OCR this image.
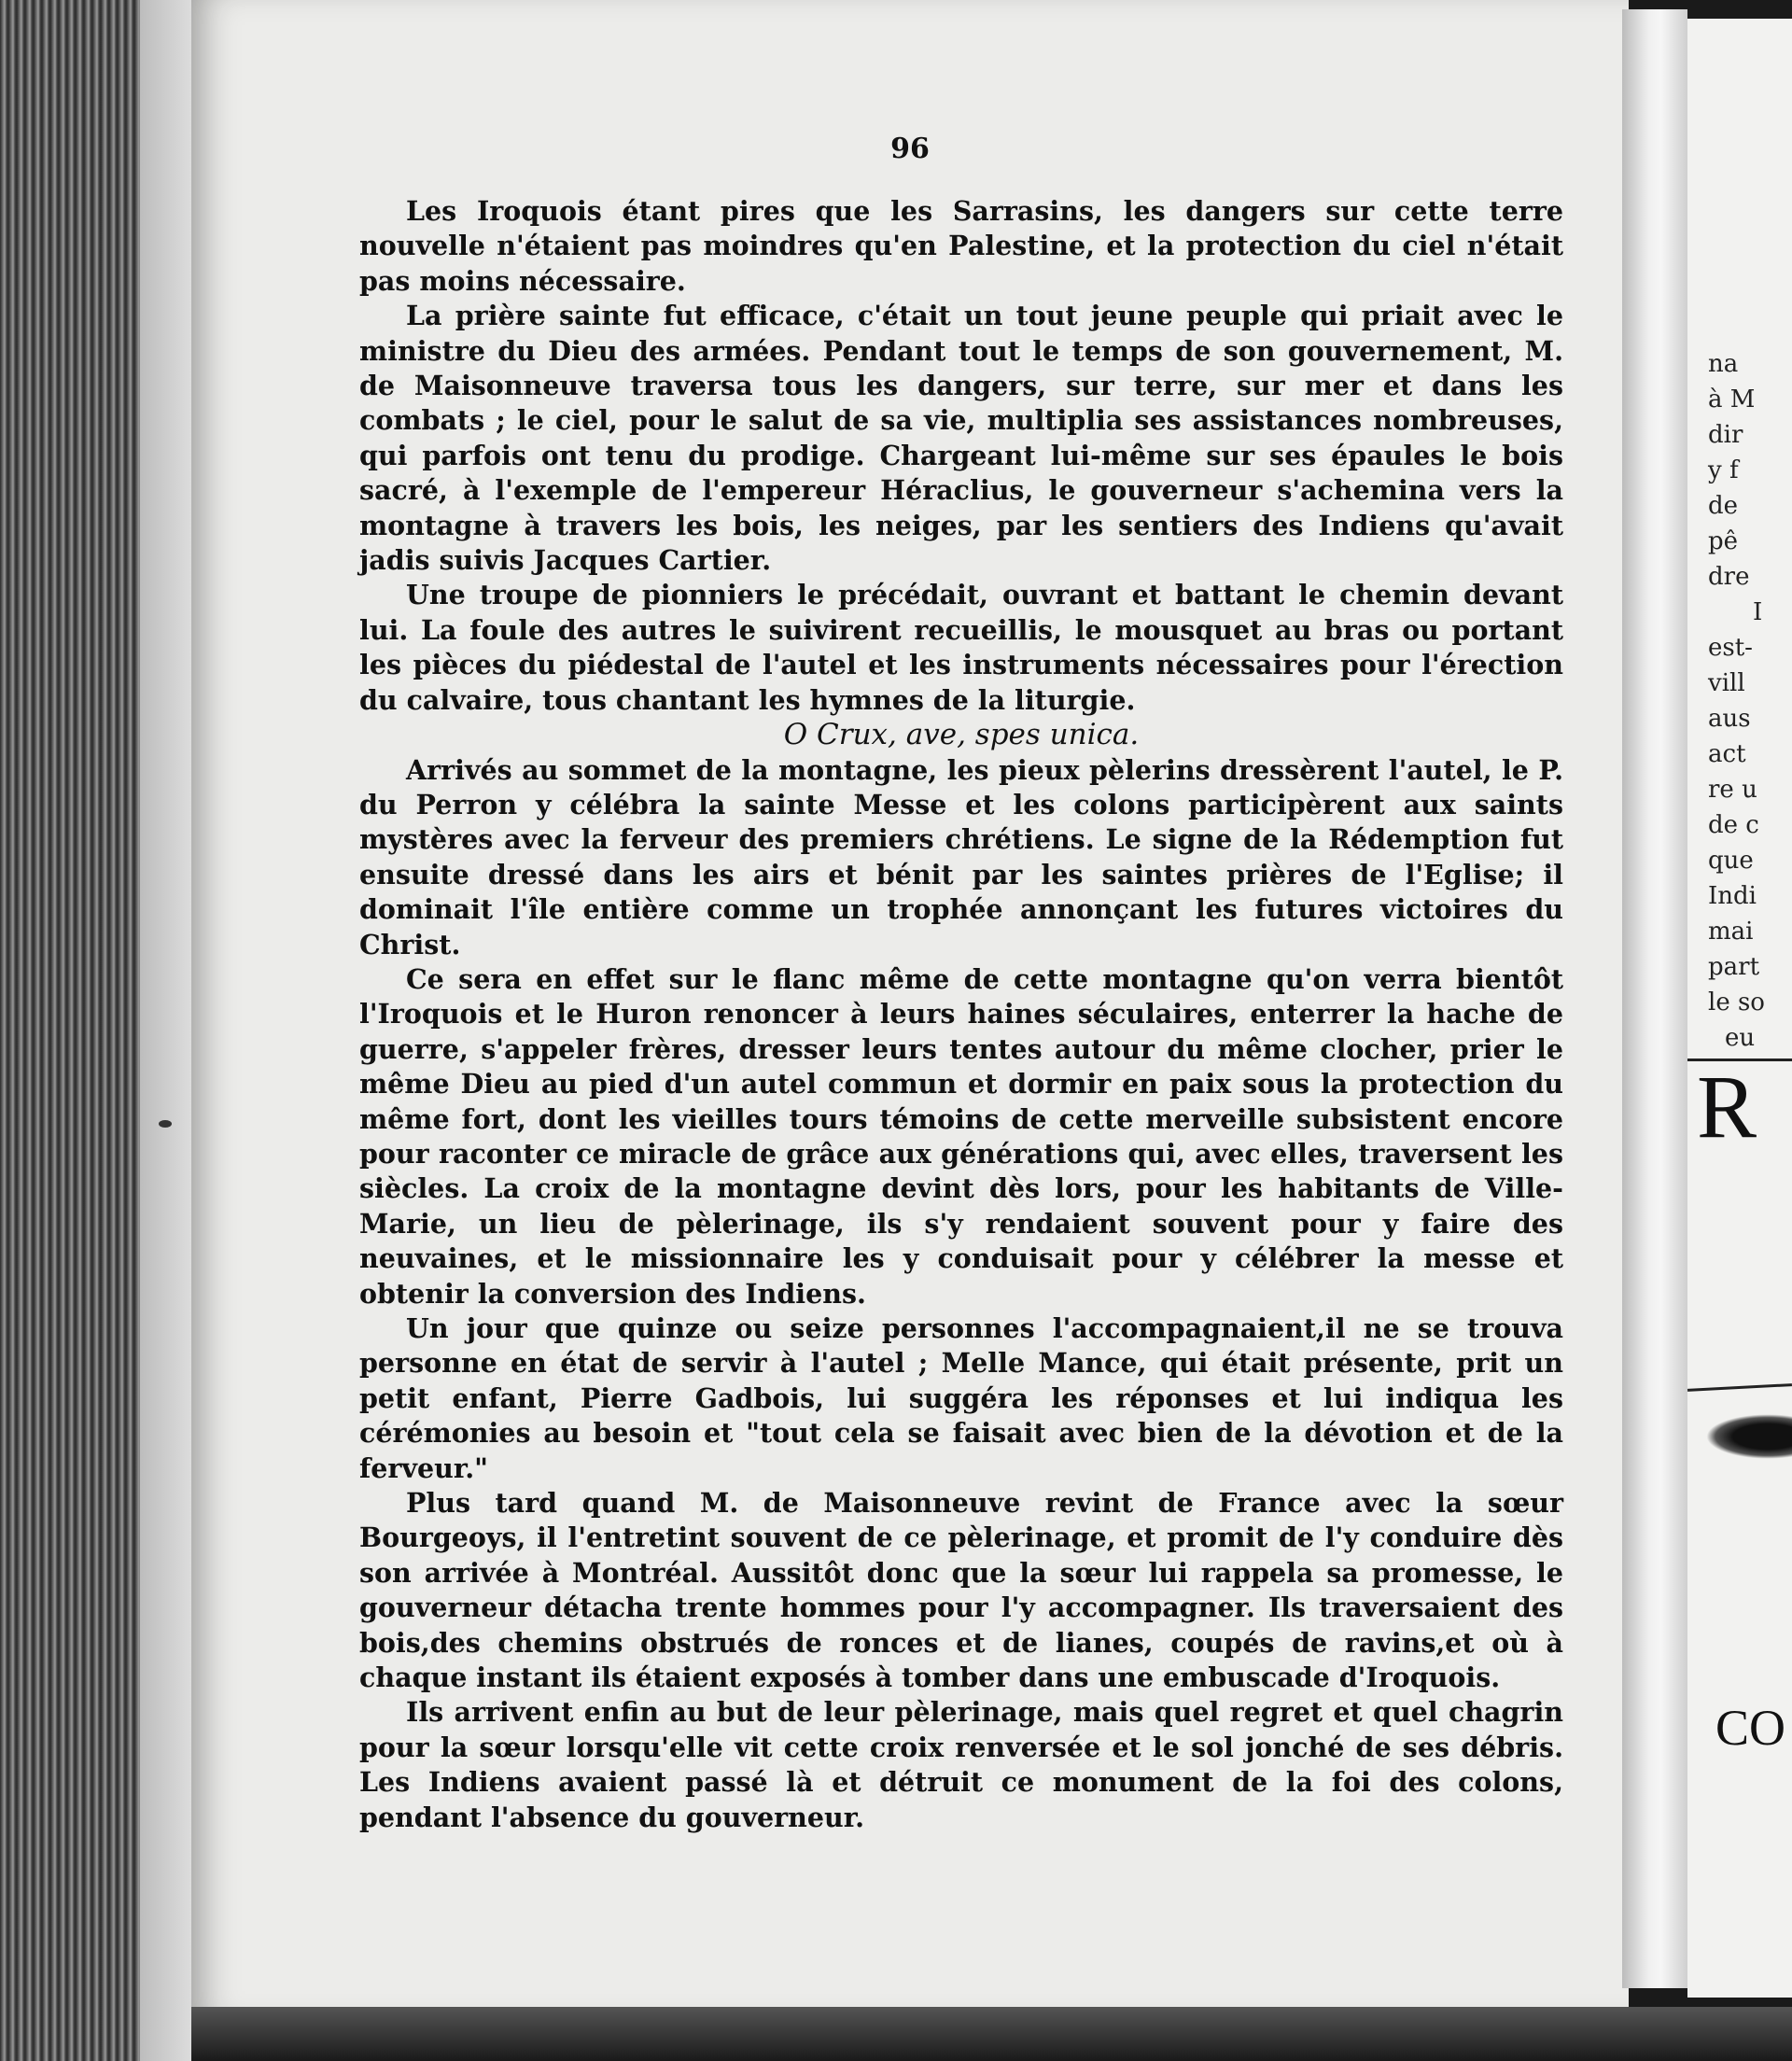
96

Les Iroquois étant pires que les Sarrasins, les dangers sur cette terre nouvelle n'étaient pas moindres qu'en Palestine, et la protection du ciel n'était pas moins nécessaire.

La prière sainte fut efficace, c'était un tout jeune peuple qui priait avec le ministre du Dieu des armées. Pendant tout le temps de son gouvernement, M. de Maisonneuve traversa tous les dangers, sur terre, sur mer et dans les combats ; le ciel, pour le salut de sa vie, multiplia ses assistances nombreuses, qui parfois ont tenu du prodige. Chargeant lui-même sur ses épaules le bois sacré, à l'exemple de l'empereur Héraclius, le gouverneur s'achemina vers la montagne à travers les bois, les neiges, par les sentiers des Indiens qu'avait jadis suivis Jacques Cartier.

Une troupe de pionniers le précédait, ouvrant et battant le chemin devant lui. La foule des autres le suivirent recueillis, le mousquet au bras ou portant les pièces du piédestal de l'autel et les instruments nécessaires pour l'érection du calvaire, tous chantant les hymnes de la liturgie.

O Crux, ave, spes unica.

Arrivés au sommet de la montagne, les pieux pèlerins dressèrent l'autel, le P. du Perron y célébra la sainte Messe et les colons participèrent aux saints mystères avec la ferveur des premiers chrétiens. Le signe de la Rédemption fut ensuite dressé dans les airs et bénit par les saintes prières de l'Eglise; il dominait l'île entière comme un trophée annonçant les futures victoires du Christ.

Ce sera en effet sur le flanc même de cette montagne qu'on verra bientôt l'Iroquois et le Huron renoncer à leurs haines séculaires, enterrer la hache de guerre, s'appeler frères, dresser leurs tentes autour du même clocher, prier le même Dieu au pied d'un autel commun et dormir en paix sous la protection du même fort, dont les vieilles tours témoins de cette merveille subsistent encore pour raconter ce miracle de grâce aux générations qui, avec elles, traversent les siècles. La croix de la montagne devint dès lors, pour les habitants de Ville-Marie, un lieu de pèlerinage, ils s'y rendaient souvent pour y faire des neuvaines, et le missionnaire les y conduisait pour y célébrer la messe et obtenir la conversion des Indiens.

Un jour que quinze ou seize personnes l'accompagnaient,il ne se trouva personne en état de servir à l'autel ; Melle Mance, qui était présente, prit un petit enfant, Pierre Gadbois, lui suggéra les réponses et lui indiqua les cérémonies au besoin et "tout cela se faisait avec bien de la dévotion et de la ferveur."

Plus tard quand M. de Maisonneuve revint de France avec la sœur Bourgeoys, il l'entretint souvent de ce pèlerinage, et promit de l'y conduire dès son arrivée à Montréal. Aussitôt donc que la sœur lui rappela sa promesse, le gouverneur détacha trente hommes pour l'y accompagner. Ils traversaient des bois,des chemins obstrués de ronces et de lianes, coupés de ravins,et où à chaque instant ils étaient exposés à tomber dans une embuscade d'Iroquois.

Ils arrivent enfin au but de leur pèlerinage, mais quel regret et quel chagrin pour la sœur lorsqu'elle vit cette croix renversée et le sol jonché de ses débris. Les Indiens avaient passé là et détruit ce monument de la foi des colons, pendant l'absence du gouverneur.

na
à M
dir
y f
de
pê
dre
I
est-
vill
aus
act
re u
de c
que
Indi
mai
part
le so
eu
R
CO
